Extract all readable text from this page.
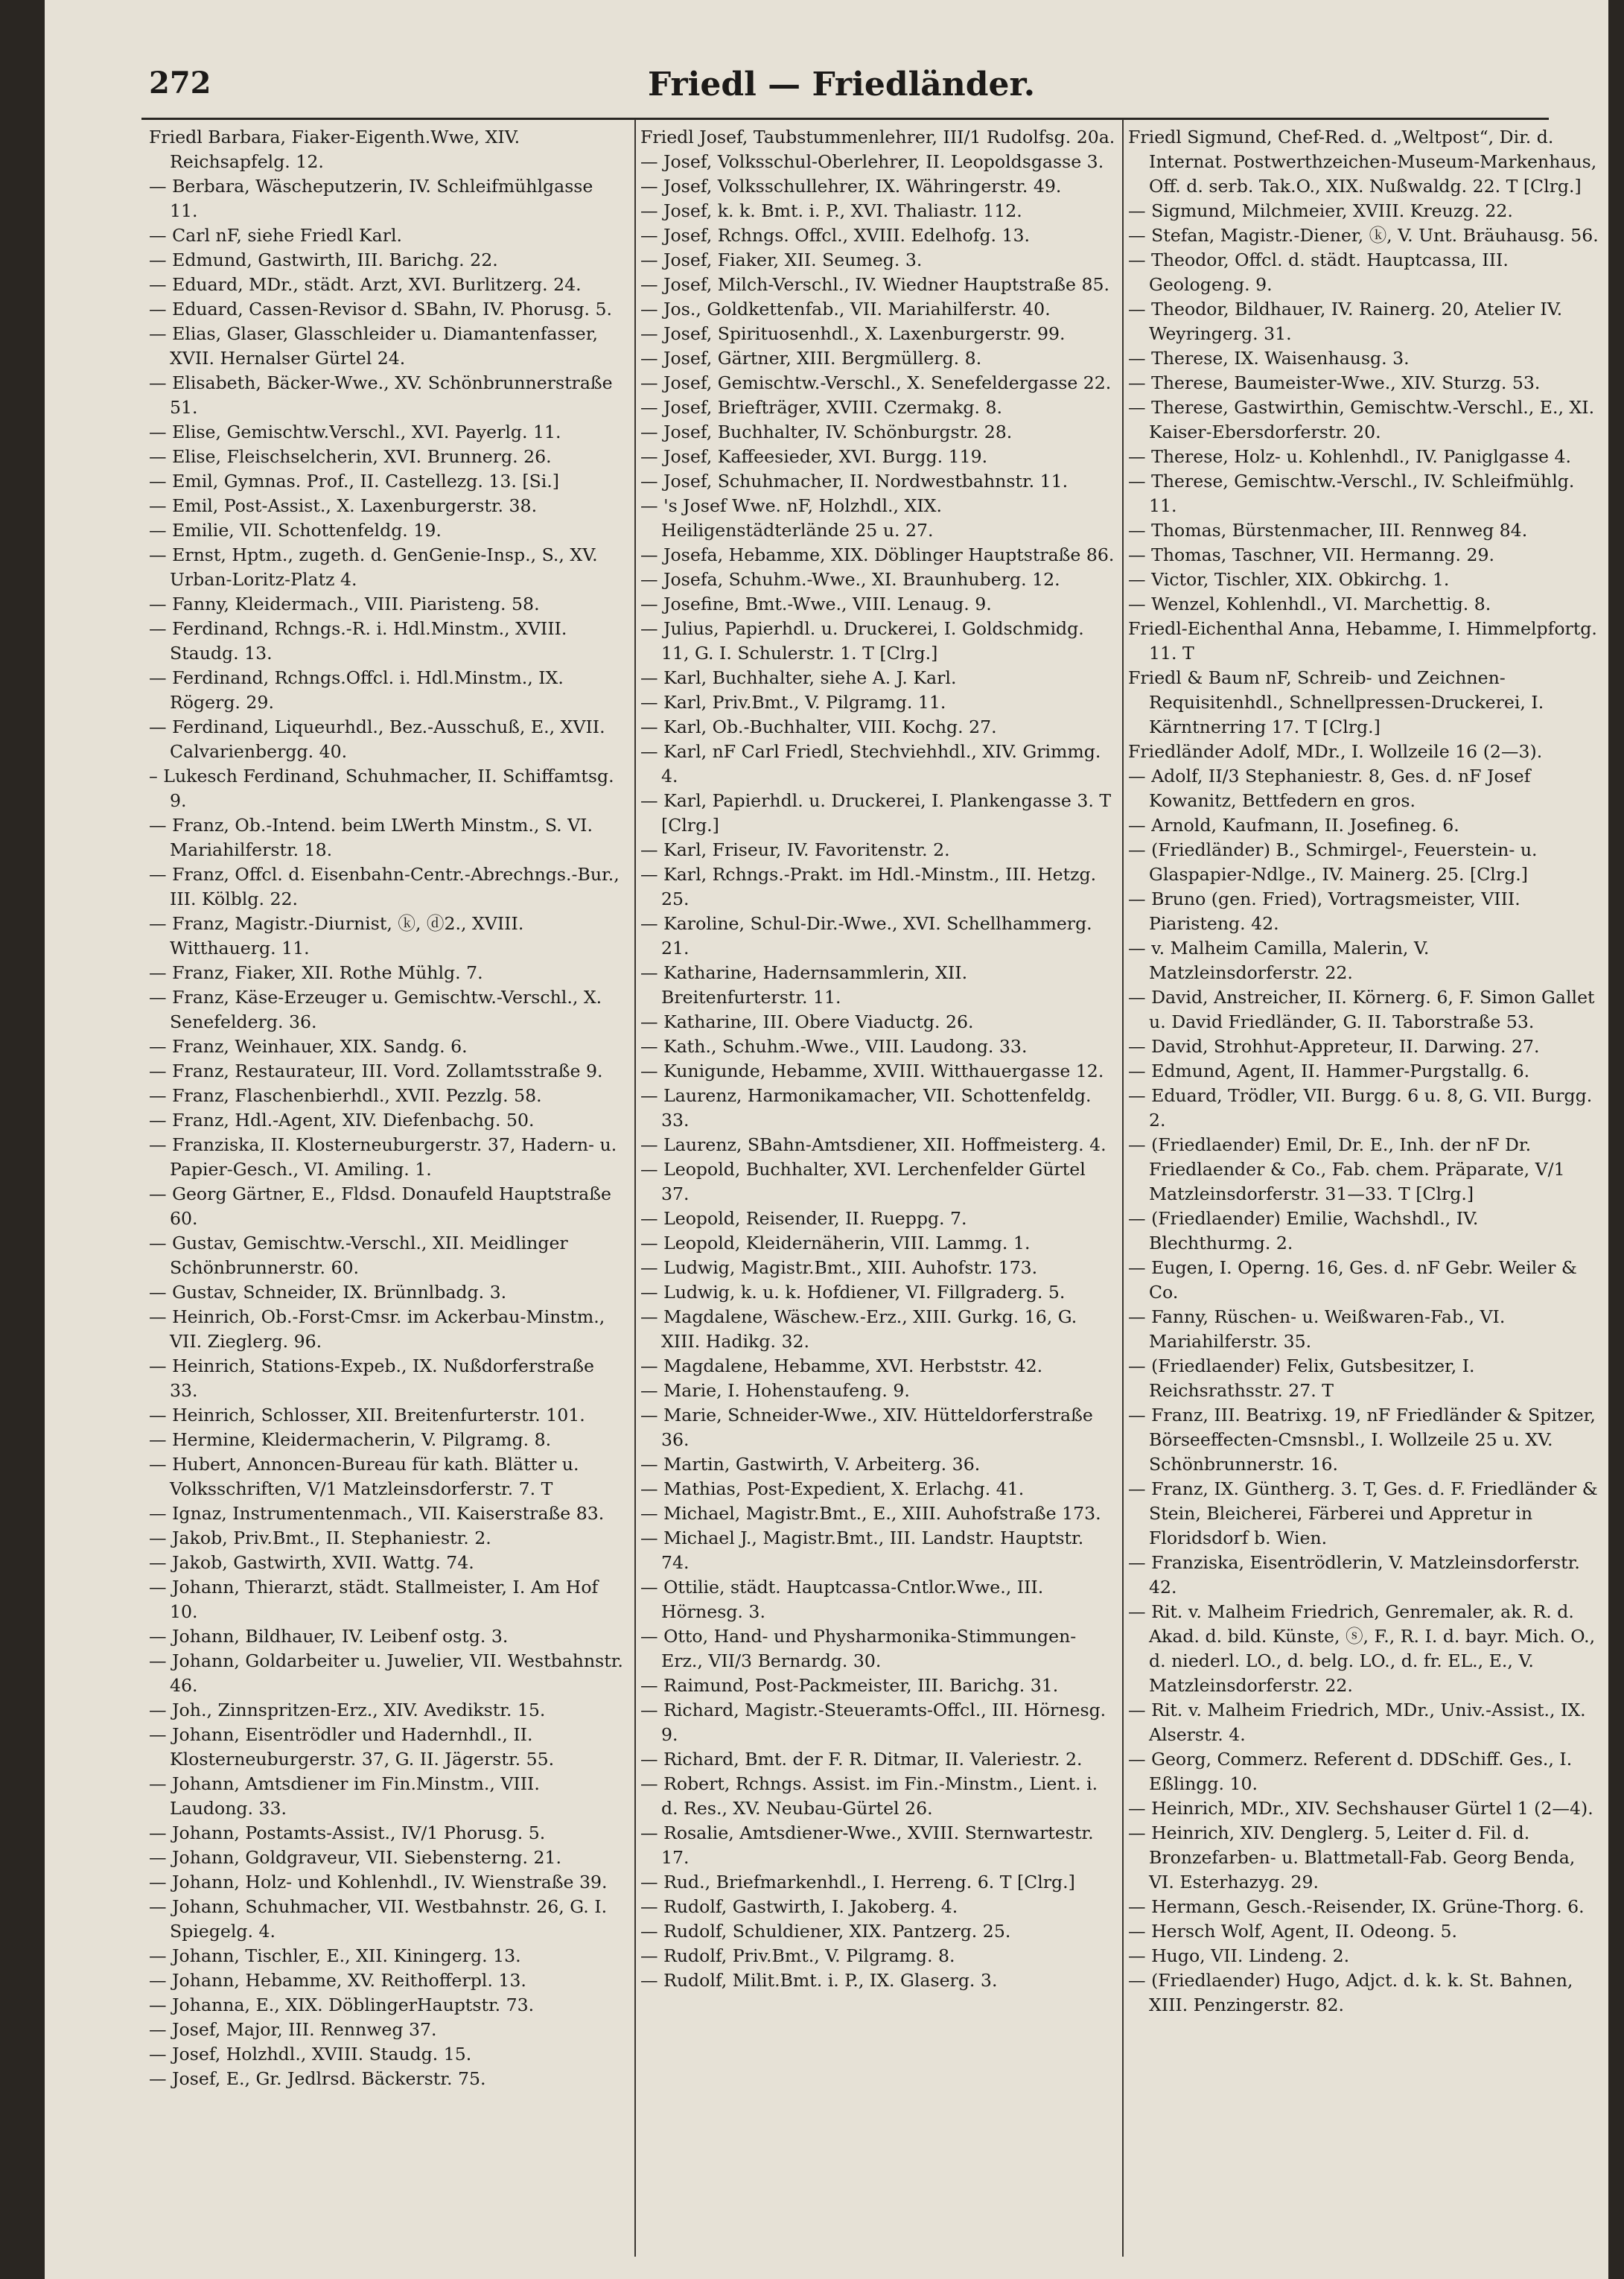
272	Friedl — Friedländer.
Friedl Barbara, Fiaker-Eigenth.Wwe, XIV. Reichsapfelg. 12.
— Berbara, Wäscheputzerin, IV. Schleifmühlgasse 11.
— Carl nF, siehe Friedl Karl.
— Edmund, Gastwirth, III. Barichg. 22.
— Eduard, MDr., städt. Arzt, XVI. Burlitzerg. 24.
— Eduard, Cassen-Revisor d. SBahn, IV. Phorusg. 5.
— Elias, Glaser, Glasschleider u. Diamantenfasser, XVII. Hernalser Gürtel 24.
— Elisabeth, Bäcker-Wwe., XV. Schönbrunnerstraße 51.
— Elise, Gemischtw.Verschl., XVI. Payerlg. 11.
— Elise, Fleischselcherin, XVI. Brunnerg. 26.
— Emil, Gymnas. Prof., II. Castellezg. 13. [Si.]
— Emil, Post-Assist., X. Laxenburgerstr. 38.
— Emilie, VII. Schottenfeldg. 19.
— Ernst, Hptm., zugeth. d. GenGenie-Insp., S., XV. Urban-Loritz-Platz 4.
— Fanny, Kleidermach., VIII. Piaristeng. 58.
— Ferdinand, Rchngs.-R. i. Hdl.Minstm., XVIII. Staudg. 13.
— Ferdinand, Rchngs.Offcl. i. Hdl.Minstm., IX. Rögerg. 29.
— Ferdinand, Liqueurhdl., Bez.-Ausschuß, E., XVII. Calvarienbergg. 40.
– Lukesch Ferdinand, Schuhmacher, II. Schiffamtsg. 9.
— Franz, Ob.-Intend. beim LWerth Minstm., S. VI. Mariahilferstr. 18.
— Franz, Offcl. d. Eisenbahn-Centr.-Abrechngs.-Bur., III. Kölblg. 22.
— Franz, Magistr.-Diurnist, ⓚ, ⓓ2., XVIII. Witthauerg. 11.
— Franz, Fiaker, XII. Rothe Mühlg. 7.
— Franz, Käse-Erzeuger u. Gemischtw.-Verschl., X. Senefelderg. 36.
— Franz, Weinhauer, XIX. Sandg. 6.
— Franz, Restaurateur, III. Vord. Zollamtsstraße 9.
— Franz, Flaschenbierhdl., XVII. Pezzlg. 58.
— Franz, Hdl.-Agent, XIV. Diefenbachg. 50.
— Franziska, II. Klosterneuburgerstr. 37, Hadern- u. Papier-Gesch., VI. Amiling. 1.
— Georg Gärtner, E., Fldsd. Donaufeld Hauptstraße 60.
— Gustav, Gemischtw.-Verschl., XII. Meidlinger Schönbrunnerstr. 60.
— Gustav, Schneider, IX. Brünnlbadg. 3.
— Heinrich, Ob.-Forst-Cmsr. im Ackerbau-Minstm., VII. Zieglerg. 96.
— Heinrich, Stations-Expeb., IX. Nußdorferstraße 33.
— Heinrich, Schlosser, XII. Breitenfurterstr. 101.
— Hermine, Kleidermacherin, V. Pilgramg. 8.
— Hubert, Annoncen-Bureau für kath. Blätter u. Volksschriften, V/1 Matzleinsdorferstr. 7. T
— Ignaz, Instrumentenmach., VII. Kaiserstraße 83.
— Jakob, Priv.Bmt., II. Stephaniestr. 2.
— Jakob, Gastwirth, XVII. Wattg. 74.
— Johann, Thierarzt, städt. Stallmeister, I. Am Hof 10.
— Johann, Bildhauer, IV. Leibenf ostg. 3.
— Johann, Goldarbeiter u. Juwelier, VII. Westbahnstr. 46.
— Joh., Zinnspritzen-Erz., XIV. Avedikstr. 15.
— Johann, Eisentrödler und Hadernhdl., II. Klosterneuburgerstr. 37, G. II. Jägerstr. 55.
— Johann, Amtsdiener im Fin.Minstm., VIII. Laudong. 33.
— Johann, Postamts-Assist., IV/1 Phorusg. 5.
— Johann, Goldgraveur, VII. Siebensterng. 21.
— Johann, Holz- und Kohlenhdl., IV. Wienstraße 39.
— Johann, Schuhmacher, VII. Westbahnstr. 26, G. I. Spiegelg. 4.
— Johann, Tischler, E., XII. Kiningerg. 13.
— Johann, Hebamme, XV. Reithofferpl. 13.
— Johanna, E., XIX. DöblingerHauptstr. 73.
— Josef, Major, III. Rennweg 37.
— Josef, Holzhdl., XVIII. Staudg. 15.
— Josef, E., Gr. Jedlrsd. Bäckerstr. 75.
Friedl Josef, Taubstummenlehrer, III/1 Rudolfsg. 20a.
— Josef, Volksschul-Oberlehrer, II. Leopoldsgasse 3.
— Josef, Volksschullehrer, IX. Währingerstr. 49.
— Josef, k. k. Bmt. i. P., XVI. Thaliastr. 112.
— Josef, Rchngs. Offcl., XVIII. Edelhofg. 13.
— Josef, Fiaker, XII. Seumeg. 3.
— Josef, Milch-Verschl., IV. Wiedner Hauptstraße 85.
— Jos., Goldkettenfab., VII. Mariahilferstr. 40.
— Josef, Spirituosenhdl., X. Laxenburgerstr. 99.
— Josef, Gärtner, XIII. Bergmüllerg. 8.
— Josef, Gemischtw.-Verschl., X. Senefeldergasse 22.
— Josef, Briefträger, XVIII. Czermakg. 8.
— Josef, Buchhalter, IV. Schönburgstr. 28.
— Josef, Kaffeesieder, XVI. Burgg. 119.
— Josef, Schuhmacher, II. Nordwestbahnstr. 11.
— 's Josef Wwe. nF, Holzhdl., XIX. Heiligenstädterlände 25 u. 27.
— Josefa, Hebamme, XIX. Döblinger Hauptstraße 86.
— Josefa, Schuhm.-Wwe., XI. Braunhuberg. 12.
— Josefine, Bmt.-Wwe., VIII. Lenaug. 9.
— Julius, Papierhdl. u. Druckerei, I. Goldschmidg. 11, G. I. Schulerstr. 1. T [Clrg.]
— Karl, Buchhalter, siehe A. J. Karl.
— Karl, Priv.Bmt., V. Pilgramg. 11.
— Karl, Ob.-Buchhalter, VIII. Kochg. 27.
— Karl, nF Carl Friedl, Stechviehhdl., XIV. Grimmg. 4.
— Karl, Papierhdl. u. Druckerei, I. Plankengasse 3. T [Clrg.]
— Karl, Friseur, IV. Favoritenstr. 2.
— Karl, Rchngs.-Prakt. im Hdl.-Minstm., III. Hetzg. 25.
— Karoline, Schul-Dir.-Wwe., XVI. Schellhammerg. 21.
— Katharine, Hadernsammlerin, XII. Breitenfurterstr. 11.
— Katharine, III. Obere Viaductg. 26.
— Kath., Schuhm.-Wwe., VIII. Laudong. 33.
— Kunigunde, Hebamme, XVIII. Witthauergasse 12.
— Laurenz, Harmonikamacher, VII. Schottenfeldg. 33.
— Laurenz, SBahn-Amtsdiener, XII. Hoffmeisterg. 4.
— Leopold, Buchhalter, XVI. Lerchenfelder Gürtel 37.
— Leopold, Reisender, II. Rueppg. 7.
— Leopold, Kleidernäherin, VIII. Lammg. 1.
— Ludwig, Magistr.Bmt., XIII. Auhofstr. 173.
— Ludwig, k. u. k. Hofdiener, VI. Fillgraderg. 5.
— Magdalene, Wäschew.-Erz., XIII. Gurkg. 16, G. XIII. Hadikg. 32.
— Magdalene, Hebamme, XVI. Herbststr. 42.
— Marie, I. Hohenstaufeng. 9.
— Marie, Schneider-Wwe., XIV. Hütteldorferstraße 36.
— Martin, Gastwirth, V. Arbeiterg. 36.
— Mathias, Post-Expedient, X. Erlachg. 41.
— Michael, Magistr.Bmt., E., XIII. Auhofstraße 173.
— Michael J., Magistr.Bmt., III. Landstr. Hauptstr. 74.
— Ottilie, städt. Hauptcassa-Cntlor.Wwe., III. Hörnesg. 3.
— Otto, Hand- und Physharmonika-Stimmungen-Erz., VII/3 Bernardg. 30.
— Raimund, Post-Packmeister, III. Barichg. 31.
— Richard, Magistr.-Steueramts-Offcl., III. Hörnesg. 9.
— Richard, Bmt. der F. R. Ditmar, II. Valeriestr. 2.
— Robert, Rchngs. Assist. im Fin.-Minstm., Lient. i. d. Res., XV. Neubau-Gürtel 26.
— Rosalie, Amtsdiener-Wwe., XVIII. Sternwartestr. 17.
— Rud., Briefmarkenhdl., I. Herreng. 6. T [Clrg.]
— Rudolf, Gastwirth, I. Jakoberg. 4.
— Rudolf, Schuldiener, XIX. Pantzerg. 25.
— Rudolf, Priv.Bmt., V. Pilgramg. 8.
— Rudolf, Milit.Bmt. i. P., IX. Glaserg. 3.
Friedl Sigmund, Chef-Red. d. „Weltpost“, Dir. d. Internat. Postwerthzeichen-Museum-Markenhaus, Off. d. serb. Tak.O., XIX. Nußwaldg. 22. T [Clrg.]
— Sigmund, Milchmeier, XVIII. Kreuzg. 22.
— Stefan, Magistr.-Diener, ⓚ, V. Unt. Bräuhausg. 56.
— Theodor, Offcl. d. städt. Hauptcassa, III. Geologeng. 9.
— Theodor, Bildhauer, IV. Rainerg. 20, Atelier IV. Weyringerg. 31.
— Therese, IX. Waisenhausg. 3.
— Therese, Baumeister-Wwe., XIV. Sturzg. 53.
— Therese, Gastwirthin, Gemischtw.-Verschl., E., XI. Kaiser-Ebersdorferstr. 20.
— Therese, Holz- u. Kohlenhdl., IV. Paniglgasse 4.
— Therese, Gemischtw.-Verschl., IV. Schleifmühlg. 11.
— Thomas, Bürstenmacher, III. Rennweg 84.
— Thomas, Taschner, VII. Hermanng. 29.
— Victor, Tischler, XIX. Obkirchg. 1.
— Wenzel, Kohlenhdl., VI. Marchettig. 8.
Friedl-Eichenthal Anna, Hebamme, I. Himmelpfortg. 11. T
Friedl & Baum nF, Schreib- und Zeichnen-Requisitenhdl., Schnellpressen-Druckerei, I. Kärntnerring 17. T [Clrg.]
Friedländer Adolf, MDr., I. Wollzeile 16 (2—3).
— Adolf, II/3 Stephaniestr. 8, Ges. d. nF Josef Kowanitz, Bettfedern en gros.
— Arnold, Kaufmann, II. Josefineg. 6.
— (Friedländer) B., Schmirgel-, Feuerstein- u. Glaspapier-Ndlge., IV. Mainerg. 25. [Clrg.]
— Bruno (gen. Fried), Vortragsmeister, VIII. Piaristeng. 42.
— v. Malheim Camilla, Malerin, V. Matzleinsdorferstr. 22.
— David, Anstreicher, II. Körnerg. 6, F. Simon Gallet u. David Friedländer, G. II. Taborstraße 53.
— David, Strohhut-Appreteur, II. Darwing. 27.
— Edmund, Agent, II. Hammer-Purgstallg. 6.
— Eduard, Trödler, VII. Burgg. 6 u. 8, G. VII. Burgg. 2.
— (Friedlaender) Emil, Dr. E., Inh. der nF Dr. Friedlaender & Co., Fab. chem. Präparate, V/1 Matzleinsdorferstr. 31—33. T [Clrg.]
— (Friedlaender) Emilie, Wachshdl., IV. Blechthurmg. 2.
— Eugen, I. Operng. 16, Ges. d. nF Gebr. Weiler & Co.
— Fanny, Rüschen- u. Weißwaren-Fab., VI. Mariahilferstr. 35.
— (Friedlaender) Felix, Gutsbesitzer, I. Reichsrathsstr. 27. T
— Franz, III. Beatrixg. 19, nF Friedländer & Spitzer, Börseeffecten-Cmsnsbl., I. Wollzeile 25 u. XV. Schönbrunnerstr. 16.
— Franz, IX. Güntherg. 3. T, Ges. d. F. Friedländer & Stein, Bleicherei, Färberei und Appretur in Floridsdorf b. Wien.
— Franziska, Eisentrödlerin, V. Matzleinsdorferstr. 42.
— Rit. v. Malheim Friedrich, Genremaler, ak. R. d. Akad. d. bild. Künste, ⓢ, F., R. I. d. bayr. Mich. O., d. niederl. LO., d. belg. LO., d. fr. EL., E., V. Matzleinsdorferstr. 22.
— Rit. v. Malheim Friedrich, MDr., Univ.-Assist., IX. Alserstr. 4.
— Georg, Commerz. Referent d. DDSchiff. Ges., I. Eßlingg. 10.
— Heinrich, MDr., XIV. Sechshauser Gürtel 1 (2—4).
— Heinrich, XIV. Denglerg. 5, Leiter d. Fil. d. Bronzefarben- u. Blattmetall-Fab. Georg Benda, VI. Esterhazyg. 29.
— Hermann, Gesch.-Reisender, IX. Grüne-Thorg. 6.
— Hersch Wolf, Agent, II. Odeong. 5.
— Hugo, VII. Lindeng. 2.
— (Friedlaender) Hugo, Adjct. d. k. k. St. Bahnen, XIII. Penzingerstr. 82.
